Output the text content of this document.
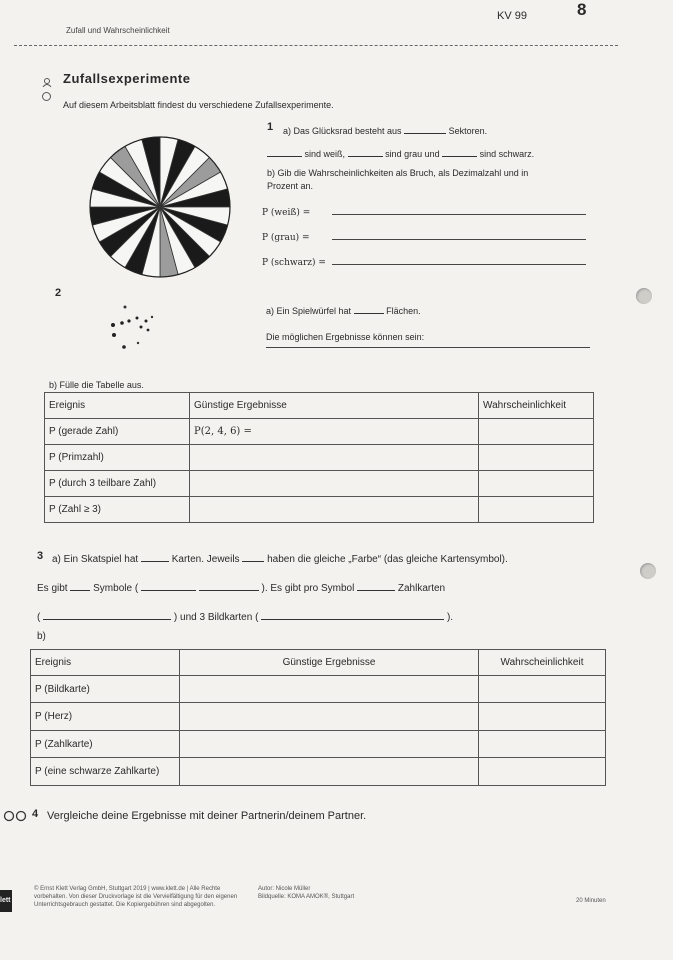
Zufall und Wahrscheinlichkeit
KV 99	8
Zufallsexperimente
Auf diesem Arbeitsblatt findest du verschiedene Zufallsexperimente.
1 a) Das Glücksrad besteht aus	Sektoren.
sind weiß,	sind grau und	sind schwarz.
b) Gib die Wahrscheinlichkeiten als Bruch, als Dezimalzahl und in
Prozent an.
P (weiß) =
P (grau) =
P (schwarz) =
2
a) Ein Spielwürfel hat	Flächen.
Die möglichen Ergebnisse können sein:
b) Fülle die Tabelle aus.
Ereignis	Günstige Ergebnisse	Wahrscheinlichkeit
P (gerade Zahl)	P(2, 4, 6) =	
P (Primzahl)		
P (durch 3 teilbare Zahl)		
P (Zahl ≥ 3)		
3 a) Ein Skatspiel hat	Karten. Jeweils	haben die gleiche „Farbe“ (das gleiche Kartensymbol).
Es gibt	Symbole (	). Es gibt pro Symbol	Zahlkarten
(	) und 3 Bildkarten (	).
b)
Ereignis	Günstige Ergebnisse	Wahrscheinlichkeit
P (Bildkarte)		
P (Herz)		
P (Zahlkarte)		
P (eine schwarze Zahlkarte)		
4 Vergleiche deine Ergebnisse mit deiner Partnerin/deinem Partner.
lett
© Ernst Klett Verlag GmbH, Stuttgart 2019 | www.klett.de | Alle Rechte
vorbehalten. Von dieser Druckvorlage ist die Vervielfältigung für den eigenen
Unterrichtsgebrauch gestattet. Die Kopiergebühren sind abgegolten.
Autor: Nicole Müller
Bildquelle: KOMA AMOK®, Stuttgart
20 Minuten
